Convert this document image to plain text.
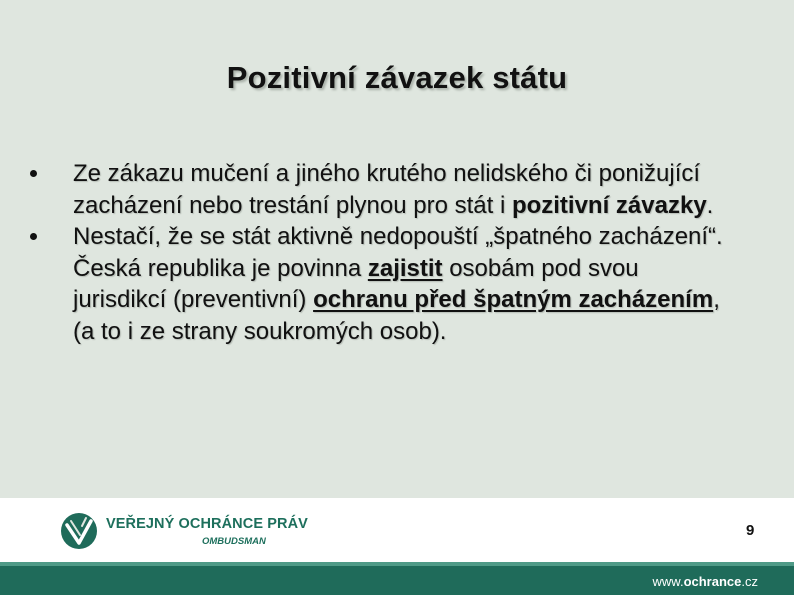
Pozitivní závazek státu
Ze zákazu mučení a jiného krutého nelidského či ponižující zacházení nebo trestání plynou pro stát i pozitivní závazky.
Nestačí, že se stát aktivně nedopouští „špatného zacházení“. Česká republika je povinna zajistit osobám pod svou jurisdikcí (preventivní) ochranu před špatným zacházením, (a to i ze strany soukromých osob).
VEŘEJNÝ OCHRÁNCE PRÁV
OMBUDSMAN
9
www.ochrance.cz
